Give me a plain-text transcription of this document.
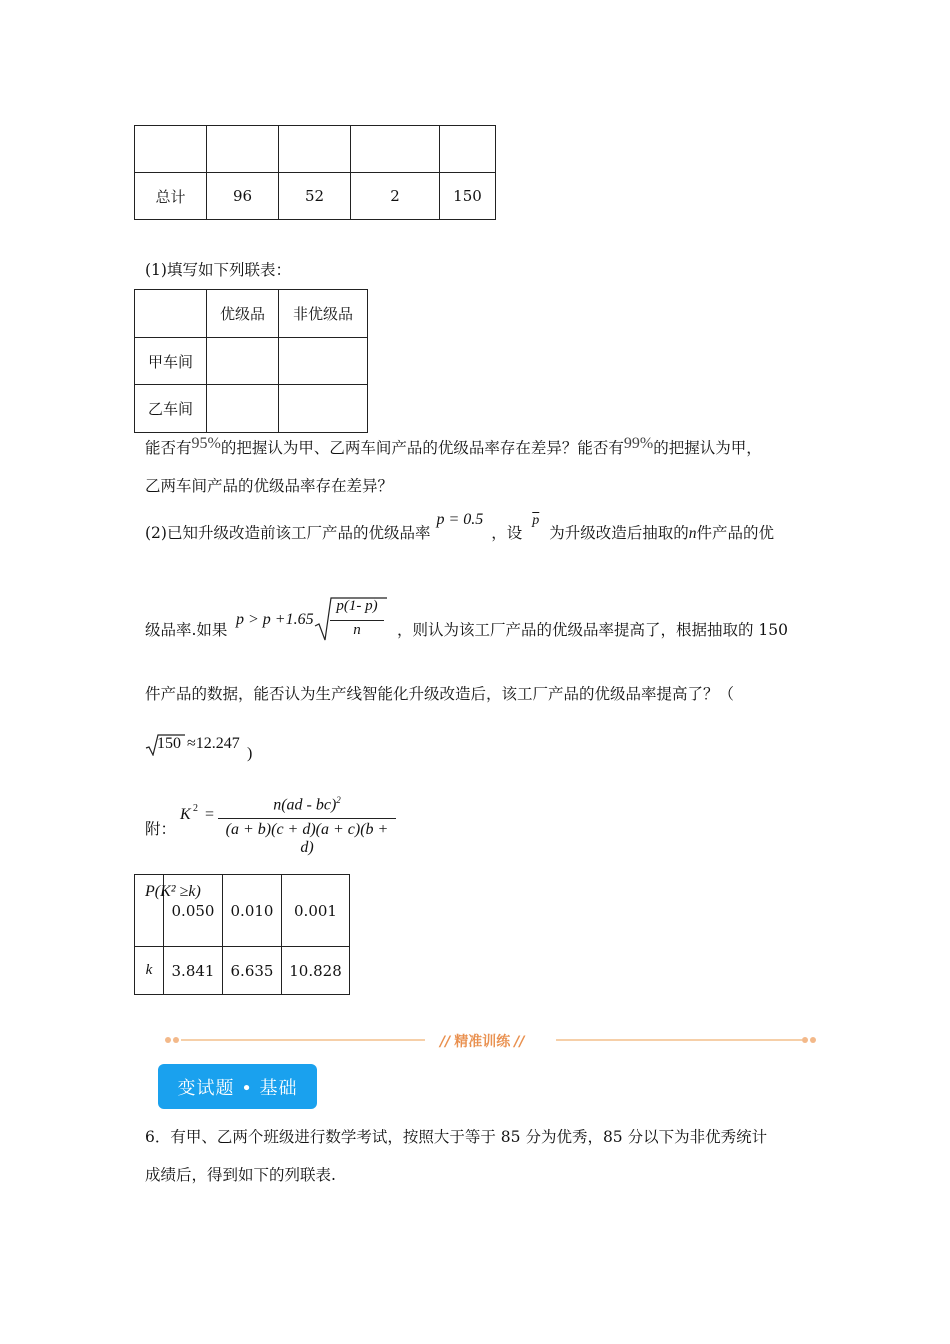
总计	96	52	2	150
(1)填写如下列联表：
	优级品	非优级品
甲车间		
乙车间		
能否有95%的把握认为甲、乙两车间产品的优级品率存在差异？能否有99%的把握认为甲，
乙两车间产品的优级品率存在差异？
(2)已知升级改造前该工厂产品的优级品率p = 0.5，设$\overline{p}$为升级改造后抽取的n件产品的优
级品率.如果
p > p +1.65
p(1- p)
n	，则认为该工厂产品的优级品率提高了，根据抽取的 150
件产品的数据，能否认为生产线智能化升级改造后，该工厂产品的优级品率提高了？（
150 ≈12.247
)
附：
K 2 =
n(ad - bc)$^2$
(a + b)(c + d)(a + c)(b + d)
P(K² ≥k)	0.050	0.010	0.001
k	3.841	6.635	10.828
// 精准训练 //
变试题 • 基础
6．有甲、乙两个班级进行数学考试，按照大于等于 85 分为优秀，85 分以下为非优秀统计
成绩后，得到如下的列联表.
